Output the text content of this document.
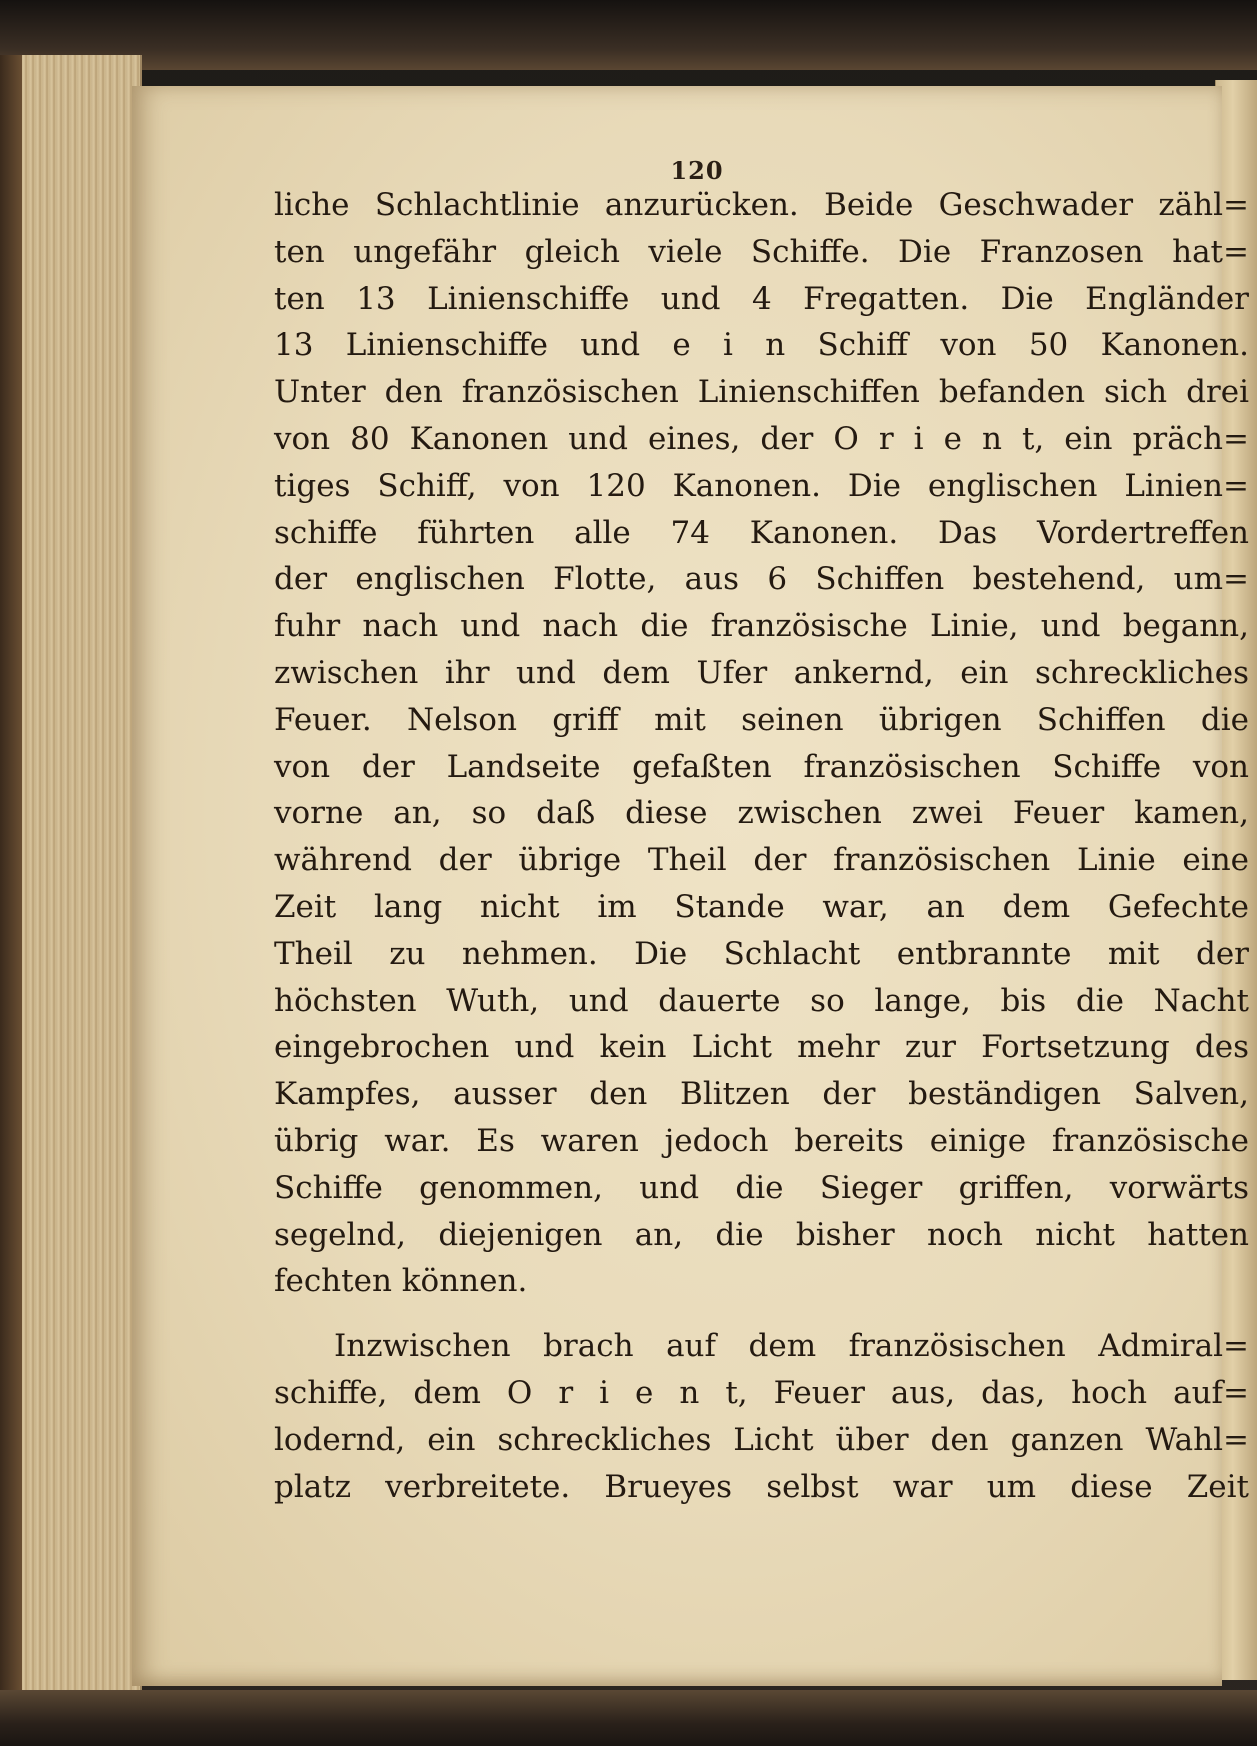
120
liche Schlachtlinie anzurücken. Beide Geschwader zähl=
ten ungefähr gleich viele Schiffe. Die Franzosen hat=
ten 13 Linienschiffe und 4 Fregatten. Die Engländer
13 Linienschiffe und e i n Schiff von 50 Kanonen.
Unter den französischen Linienschiffen befanden sich drei
von 80 Kanonen und eines, der O r i e n t, ein präch=
tiges Schiff, von 120 Kanonen. Die englischen Linien=
schiffe führten alle 74 Kanonen. Das Vordertreffen
der englischen Flotte, aus 6 Schiffen bestehend, um=
fuhr nach und nach die französische Linie, und begann,
zwischen ihr und dem Ufer ankernd, ein schreckliches
Feuer. Nelson griff mit seinen übrigen Schiffen die
von der Landseite gefaßten französischen Schiffe von
vorne an, so daß diese zwischen zwei Feuer kamen,
während der übrige Theil der französischen Linie eine
Zeit lang nicht im Stande war, an dem Gefechte
Theil zu nehmen. Die Schlacht entbrannte mit der
höchsten Wuth, und dauerte so lange, bis die Nacht
eingebrochen und kein Licht mehr zur Fortsetzung des
Kampfes, ausser den Blitzen der beständigen Salven,
übrig war. Es waren jedoch bereits einige französische
Schiffe genommen, und die Sieger griffen, vorwärts
segelnd, diejenigen an, die bisher noch nicht hatten
fechten können.
Inzwischen brach auf dem französischen Admiral=
schiffe, dem O r i e n t, Feuer aus, das, hoch auf=
lodernd, ein schreckliches Licht über den ganzen Wahl=
platz verbreitete. Brueyes selbst war um diese Zeit
